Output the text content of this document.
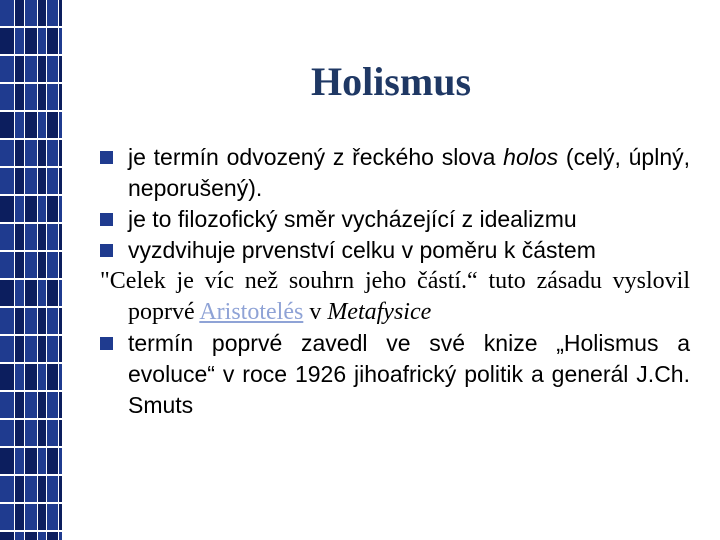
Holismus
je termín odvozený z řeckého slova holos (celý, úplný, neporušený).
je to filozofický směr vycházející z idealizmu
vyzdvihuje prvenství celku v poměru k částem
"Celek je víc než souhrn jeho částí.“ tuto zásadu vyslovil poprvé Aristotelés v Metafysice
termín poprvé zavedl ve své knize „Holismus a evoluce“ v roce 1926 jihoafrický politik a generál J.Ch. Smuts
